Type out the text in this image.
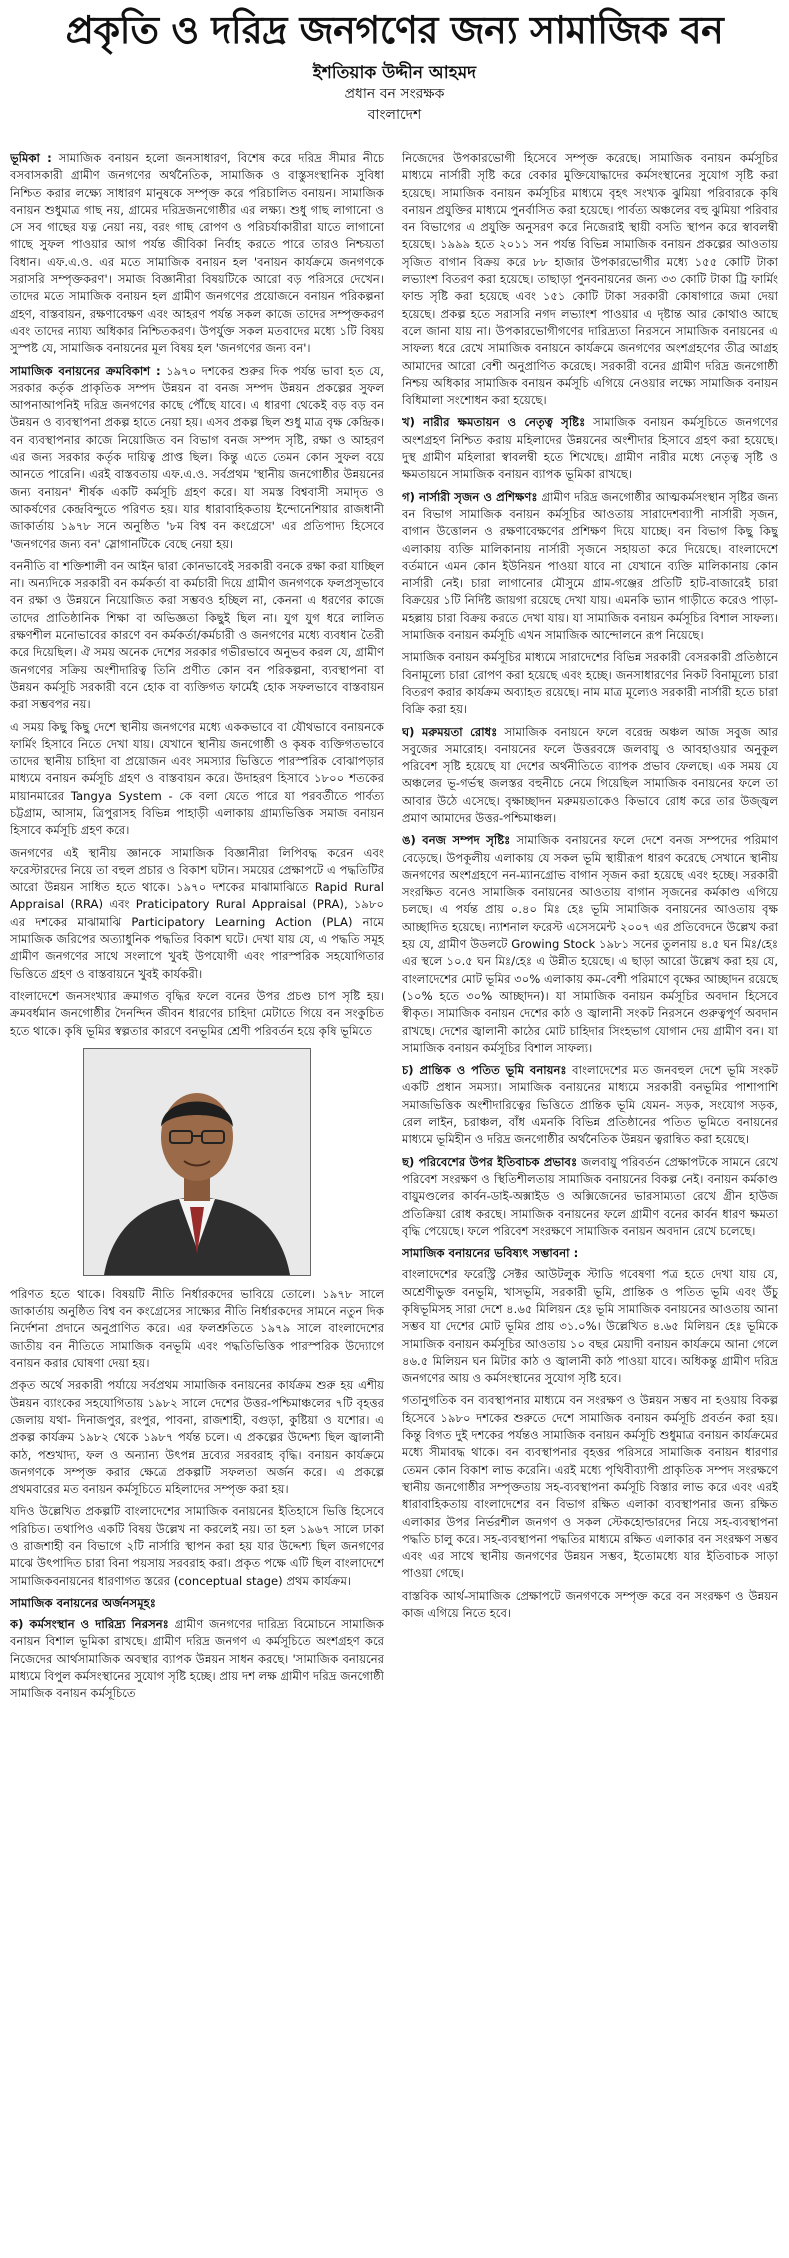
প্রকৃতি ও দরিদ্র জনগণের জন্য সামাজিক বন
ইশতিয়াক উদ্দীন আহমদ
প্রধান বন সংরক্ষক
বাংলাদেশ

ভূমিকা : সামাজিক বনায়ন হলো জনসাধারণ, বিশেষ করে দরিদ্র সীমার নীচে বসবাসকারী গ্রামীণ জনগণের অর্থনৈতিক, সামাজিক ও বাস্তুসংস্থানিক সুবিধা নিশ্চিত করার লক্ষ্যে সাধারণ মানুষকে সম্পৃক্ত করে পরিচালিত বনায়ন। সামাজিক বনায়ন শুধুমাত্র গাছ নয়, গ্রামের দরিদ্রজনগোষ্ঠীর এর লক্ষ্য। শুধু গাছ লাগানো ও সে সব গাছের যত্ন নেয়া নয়, বরং গাছ রোপণ ও পরিচর্যাকারীরা যাতে লাগানো গাছে সুফল পাওয়ার আগ পর্যন্ত জীবিকা নির্বাহ করতে পারে তারও নিশ্চয়তা বিধান। এফ.এ.ও. এর মতে সামাজিক বনায়ন হল 'বনায়ন কার্যক্রমে জনগণকে সরাসরি সম্পৃক্তকরণ'। সমাজ বিজ্ঞানীরা বিষয়টিকে আরো বড় পরিসরে দেখেন। তাদের মতে সামাজিক বনায়ন হল গ্রামীণ জনগণের প্রয়োজনে বনায়ন পরিকল্পনা গ্রহণ, বাস্তবায়ন, রক্ষণাবেক্ষণ এবং আহরণ পর্যন্ত সকল কাজে তাদের সম্পৃক্তকরণ এবং তাদের ন্যায্য অধিকার নিশ্চিতকরণ। উপর্যুক্ত সকল মতবাদের মধ্যে ১টি বিষয় সুস্পষ্ট যে, সামাজিক বনায়নের মূল বিষয় হল 'জনগণের জন্য বন'।

সামাজিক বনায়নের ক্রমবিকাশ : ১৯৭০ দশকের শুরুর দিক পর্যন্ত ভাবা হত যে, সরকার কর্তৃক প্রাকৃতিক সম্পদ উন্নয়ন বা বনজ সম্পদ উন্নয়ন প্রকল্পের সুফল আপনাআপনিই দরিদ্র জনগণের কাছে পৌঁছে যাবে। এ ধারণা থেকেই বড় বড় বন উন্নয়ন ও ব্যবস্থাপনা প্রকল্প হাতে নেয়া হয়। এসব প্রকল্প ছিল শুধু মাত্র বৃক্ষ কেন্দ্রিক। বন ব্যবস্থাপনার কাজে নিয়োজিত বন বিভাগ বনজ সম্পদ সৃষ্টি, রক্ষা ও আহরণ এর জন্য সরকার কর্তৃক দায়িত্ব প্রাপ্ত ছিল। কিন্তু এতে তেমন কোন সুফল বয়ে আনতে পারেনি। এরই বাস্তবতায় এফ.এ.ও. সর্বপ্রথম 'স্থানীয় জনগোষ্ঠীর উন্নয়নের জন্য বনায়ন' শীর্ষক একটি কর্মসূচি গ্রহণ করে। যা সমস্ত বিশ্ববাসী সমাদৃত ও আকর্ষণের কেন্দ্রবিন্দুতে পরিণত হয়। যার ধারাবাহিকতায় ইন্দোনেশিয়ার রাজধানী জাকার্তায় ১৯৭৮ সনে অনুষ্ঠিত '৮ম বিশ্ব বন কংগ্রেসে' এর প্রতিপাদ্য হিসেবে 'জনগণের জন্য বন' স্লোগানটিকে বেছে নেয়া হয়।

বননীতি বা শক্তিশালী বন আইন দ্বারা কোনভাবেই সরকারী বনকে রক্ষা করা যাচ্ছিল না। অন্যদিকে সরকারী বন কর্মকর্তা বা কর্মচারী দিয়ে গ্রামীণ জনগণকে ফলপ্রসূভাবে বন রক্ষা ও উন্নয়নে নিয়োজিত করা সম্ভবও হচ্ছিল না, কেননা এ ধরণের কাজে তাদের প্রাতিষ্ঠানিক শিক্ষা বা অভিজ্ঞতা কিছুই ছিল না। যুগ যুগ ধরে লালিত রক্ষণশীল মনোভাবের কারণে বন কর্মকর্তা/কর্মচারী ও জনগণের মধ্যে ব্যবধান তৈরী করে দিয়েছিল। ঐ সময় অনেক দেশের সরকার গভীরভাবে অনুভব করল যে, গ্রামীণ জনগণের সক্রিয় অংশীদারিত্ব তিনি প্রণীত কোন বন পরিকল্পনা, ব্যবস্থাপনা বা উন্নয়ন কর্মসূচি সরকারী বনে হোক বা ব্যক্তিগত ফার্মেই হোক সফলভাবে বাস্তবায়ন করা সম্ভবপর নয়।

এ সময় কিছু কিছু দেশে স্থানীয় জনগণের মধ্যে এককভাবে বা যৌথভাবে বনায়নকে ফার্মিং হিসাবে নিতে দেখা যায়। যেখানে স্থানীয় জনগোষ্ঠী ও কৃষক ব্যক্তিগতভাবে তাদের স্থানীয় চাহিদা বা প্রয়োজন এবং সমস্যার ভিত্তিতে পারস্পরিক বোঝাপড়ার মাধ্যমে বনায়ন কর্মসূচি গ্রহণ ও বাস্তবায়ন করে। উদাহরণ হিসাবে ১৮০০ শতকের মায়ানমারের Tangya System - কে বলা যেতে পারে যা পরবর্তীতে পার্বত্য চট্টগ্রাম, আসাম, ত্রিপুরাসহ বিভিন্ন পাহাড়ী এলাকায় গ্রাম্যভিত্তিক সমাজ বনায়ন হিসাবে কর্মসূচি গ্রহণ করে।

জনগণের এই স্থানীয় জ্ঞানকে সামাজিক বিজ্ঞানীরা লিপিবদ্ধ করেন এবং ফরেস্টারদের নিয়ে তা বহুল প্রচার ও বিকাশ ঘটান। সময়ের প্রেক্ষাপটে এ পদ্ধতিটির আরো উন্নয়ন সাধিত হতে থাকে। ১৯৭০ দশকের মাঝামাঝিতে Rapid Rural Appraisal (RRA) এবং Praticipatory Rural Appraisal (PRA), ১৯৮০ এর দশকের মাঝামাঝি Participatory Learning Action (PLA) নামে সামাজিক জরিপের অত্যাধুনিক পদ্ধতির বিকাশ ঘটে। দেখা যায় যে, এ পদ্ধতি সমূহ গ্রামীণ জনগণের সাথে সংলাপে খুবই উপযোগী এবং পারস্পরিক সহযোগিতার ভিত্তিতে গ্রহণ ও বাস্তবায়নে খুবই কার্যকরী।

বাংলাদেশে জনসংখ্যার ক্রমাগত বৃদ্ধির ফলে বনের উপর প্রচণ্ড চাপ সৃষ্টি হয়। ক্রমবর্ধমান জনগোষ্ঠীর দৈনন্দিন জীবন ধারণের চাহিদা মেটাতে গিয়ে বন সংকুচিত হতে থাকে। কৃষি ভূমির স্বল্পতার কারণে বনভূমির শ্রেণী পরিবর্তন হয়ে কৃষি ভূমিতে

পরিণত হতে থাকে। বিষয়টি নীতি নির্ধারকদের ভাবিয়ে তোলে। ১৯৭৮ সালে জাকার্তায় অনুষ্ঠিত বিশ্ব বন কংগ্রেসের সাক্ষ্যের নীতি নির্ধারকদের সামনে নতুন দিক নির্দেশনা প্রদানে অনুপ্রাণিত করে। এর ফলশ্রুতিতে ১৯৭৯ সালে বাংলাদেশের জাতীয় বন নীতিতে সামাজিক বনভূমি এবং পদ্ধতিভিত্তিক পারস্পরিক উদ্যোগে বনায়ন করার ঘোষণা দেয়া হয়।

প্রকৃত অর্থে সরকারী পর্যায়ে সর্বপ্রথম সামাজিক বনায়নের কার্যক্রম শুরু হয় এশীয় উন্নয়ন ব্যাংকের সহযোগিতায় ১৯৮২ সালে দেশের উত্তর-পশ্চিমাঞ্চলের ৭টি বৃহত্তর জেলায় যথা- দিনাজপুর, রংপুর, পাবনা, রাজশাহী, বগুড়া, কুষ্টিয়া ও যশোর। এ প্রকল্প কার্যক্রম ১৯৮২ থেকে ১৯৮৭ পর্যন্ত চলে। এ প্রকল্পের উদ্দেশ্য ছিল জ্বালানী কাঠ, পশুখাদ্য, ফল ও অন্যান্য উৎপন্ন দ্রব্যের সরবরাহ বৃদ্ধি। বনায়ন কার্যক্রমে জনগণকে সম্পৃক্ত করার ক্ষেত্রে প্রকল্পটি সফলতা অর্জন করে। এ প্রকল্পে প্রথমবারের মত বনায়ন কর্মসূচিতে মহিলাদের সম্পৃক্ত করা হয়।

যদিও উল্লেখিত প্রকল্পটি বাংলাদেশের সামাজিক বনায়নের ইতিহাসে ভিত্তি হিসেবে পরিচিত। তথাপিও একটি বিষয় উল্লেখ না করলেই নয়। তা হল ১৯৬৭ সালে ঢাকা ও রাজশাহী বন বিভাগে ২টি নার্সারি স্থাপন করা হয় যার উদ্দেশ্য ছিল জনগণের মাঝে উৎপাদিত চারা বিনা পয়সায় সরবরাহ করা। প্রকৃত পক্ষে এটি ছিল বাংলাদেশে সামাজিকবনায়নের ধারণাগত স্তরের (conceptual stage) প্রথম কার্যক্রম।

সামাজিক বনায়নের অর্জনসমূহঃ

ক) কর্মসংস্থান ও দারিদ্র্য নিরসনঃ গ্রামীণ জনগণের দারিদ্র্য বিমোচনে সামাজিক বনায়ন বিশাল ভূমিকা রাখছে। গ্রামীণ দরিদ্র জনগণ এ কর্মসূচিতে অংশগ্রহণ করে নিজেদের আর্থসামাজিক অবস্থার ব্যাপক উন্নয়ন সাধন করছে। 'সামাজিক বনায়নের মাধ্যমে বিপুল কর্মসংস্থানের সুযোগ সৃষ্টি হচ্ছে। প্রায় দশ লক্ষ গ্রামীণ দরিদ্র জনগোষ্ঠী সামাজিক বনায়ন কর্মসূচিতে

নিজেদের উপকারভোগী হিসেবে সম্পৃক্ত করেছে। সামাজিক বনায়ন কর্মসূচির মাধ্যমে নার্সারী সৃষ্টি করে বেকার মুক্তিযোদ্ধাদের কর্মসংস্থানের সুযোগ সৃষ্টি করা হয়েছে। সামাজিক বনায়ন কর্মসূচির মাধ্যমে বৃহৎ সংখ্যক ঝুমিয়া পরিবারকে কৃষি বনায়ন প্রযুক্তির মাধ্যমে পুনর্বাসিত করা হয়েছে। পার্বত্য অঞ্চলের বহু ঝুমিয়া পরিবার বন বিভাগের এ প্রযুক্তি অনুসরণ করে নিজেরাই স্থায়ী বসতি স্থাপন করে স্বাবলম্বী হয়েছে। ১৯৯৯ হতে ২০১১ সন পর্যন্ত বিভিন্ন সামাজিক বনায়ন প্রকল্পের আওতায় সৃজিত বাগান বিক্রয় করে ৮৮ হাজার উপকারভোগীর মধ্যে ১৫৫ কোটি টাকা লভ্যাংশ বিতরণ করা হয়েছে। তাছাড়া পুনবনায়নের জন্য ৩৩ কোটি টাকা ট্রি ফার্মিং ফান্ড সৃষ্টি করা হয়েছে এবং ১৫১ কোটি টাকা সরকারী কোষাগারে জমা দেয়া হয়েছে। প্রকল্প হতে সরাসরি নগদ লভ্যাংশ পাওয়ার এ দৃষ্টান্ত আর কোথাও আছে বলে জানা যায় না। উপকারভোগীগণের দারিদ্র্যতা নিরসনে সামাজিক বনায়নের এ সাফল্য ধরে রেখে সামাজিক বনায়নে কার্যক্রমে জনগণের অংশগ্রহণের তীব্র আগ্রহ আমাদের আরো বেশী অনুপ্রাণিত করেছে। সরকারী বনের গ্রামীণ দরিদ্র জনগোষ্ঠী নিশ্চয় অধিকার সামাজিক বনায়ন কর্মসূচি এগিয়ে নেওয়ার লক্ষ্যে সামাজিক বনায়ন বিধিমালা সংশোধন করা হয়েছে।

খ) নারীর ক্ষমতায়ন ও নেতৃত্ব সৃষ্টিঃ সামাজিক বনায়ন কর্মসূচিতে জনগণের অংশগ্রহণ নিশ্চিত করায় মহিলাদের উন্নয়নের অংশীদার হিসাবে গ্রহণ করা হয়েছে। দুস্থ গ্রামীণ মহিলারা স্বাবলম্বী হতে শিখেছে। গ্রামীণ নারীর মধ্যে নেতৃত্ব সৃষ্টি ও ক্ষমতায়নে সামাজিক বনায়ন ব্যাপক ভূমিকা রাখছে।

গ) নার্সারী সৃজন ও প্রশিক্ষণঃ গ্রামীণ দরিদ্র জনগোষ্ঠীর আত্মকর্মসংস্থান সৃষ্টির জন্য বন বিভাগ সামাজিক বনায়ন কর্মসূচির আওতায় সারাদেশব্যাপী নার্সারী সৃজন, বাগান উত্তোলন ও রক্ষণাবেক্ষণের প্রশিক্ষণ দিয়ে যাচ্ছে। বন বিভাগ কিছু কিছু এলাকায় ব্যক্তি মালিকানায় নার্সারী সৃজনে সহায়তা করে দিয়েছে। বাংলাদেশে বর্তমানে এমন কোন ইউনিয়ন পাওয়া যাবে না যেখানে ব্যক্তি মালিকানায় কোন নার্সারী নেই। চারা লাগানোর মৌসুমে গ্রাম-গঞ্জের প্রতিটি হাট-বাজারেই চারা বিক্রয়ের ১টি নির্দিষ্ট জায়গা রয়েছে দেখা যায়। এমনকি ভ্যান গাড়ীতে করেও পাড়া-মহল্লায় চারা বিক্রয় করতে দেখা যায়। যা সামাজিক বনায়ন কর্মসূচির বিশাল সাফল্য। সামাজিক বনায়ন কর্মসূচি এখন সামাজিক আন্দোলনে রূপ নিয়েছে।

সামাজিক বনায়ন কর্মসূচির মাধ্যমে সারাদেশের বিভিন্ন সরকারী বেসরকারী প্রতিষ্ঠানে বিনামূল্যে চারা রোপণ করা হয়েছে এবং হচ্ছে। জনসাধারণের নিকট বিনামূল্যে চারা বিতরণ করার কার্যক্রম অব্যাহত রয়েছে। নাম মাত্র মূল্যেও সরকারী নার্সারী হতে চারা বিক্রি করা হয়।

ঘ) মরুময়তা রোধঃ সামাজিক বনায়নে ফলে বরেন্দ্র অঞ্চল আজ সবুজ আর সবুজের সমারোহ। বনায়নের ফলে উত্তরবঙ্গে জলবায়ু ও আবহাওয়ার অনুকূল পরিবেশ সৃষ্টি হয়েছে যা দেশের অর্থনীতিতে ব্যাপক প্রভাব ফেলছে। এক সময় যে অঞ্চলের ভূ-গর্ভস্থ জলস্তর বহুনীচে নেমে গিয়েছিল সামাজিক বনায়নের ফলে তা আবার উঠে এসেছে। বৃক্ষাচ্ছাদন মরুময়তাকেও কিভাবে রোধ করে তার উজ্জ্বল প্রমাণ আমাদের উত্তর-পশ্চিমাঞ্চল।

ঙ) বনজ সম্পদ সৃষ্টিঃ সামাজিক বনায়নের ফলে দেশে বনজ সম্পদের পরিমাণ বেড়েছে। উপকূলীয় এলাকায় যে সকল ভূমি স্থায়ীরূপ ধারণ করেছে সেখানে স্থানীয় জনগণের অংশগ্রহণে নন-ম্যানগ্রোভ বাগান সৃজন করা হয়েছে এবং হচ্ছে। সরকারী সংরক্ষিত বনেও সামাজিক বনায়নের আওতায় বাগান সৃজনের কর্মকাণ্ড এগিয়ে চলছে। এ পর্যন্ত প্রায় ০.৪০ মিঃ হেঃ ভূমি সামাজিক বনায়নের আওতায় বৃক্ষ আচ্ছাদিত হয়েছে। ন্যাশনাল ফরেস্ট এসেসমেন্ট ২০০৭ এর প্রতিবেদনে উল্লেখ করা হয় যে, গ্রামীণ উডলটে Growing Stock ১৯৮১ সনের তুলনায় ৪.৫ ঘন মিঃ/হেঃ এর স্থলে ১০.৫ ঘন মিঃ/হেঃ এ উন্নীত হয়েছে। এ ছাড়া আরো উল্লেখ করা হয় যে, বাংলাদেশের মোট ভূমির ৩০% এলাকায় কম-বেশী পরিমাণে বৃক্ষের আচ্ছাদন রয়েছে (১০% হতে ৩০% আচ্ছাদন)। যা সামাজিক বনায়ন কর্মসূচির অবদান হিসেবে স্বীকৃত। সামাজিক বনায়ন দেশের কাঠ ও জ্বালানী সংকট নিরসনে গুরুত্বপূর্ণ অবদান রাখছে। দেশের জ্বালানী কাঠের মোট চাহিদার সিংহভাগ যোগান দেয় গ্রামীণ বন। যা সামাজিক বনায়ন কর্মসূচির বিশাল সাফল্য।

চ) প্রান্তিক ও পতিত ভূমি বনায়নঃ বাংলাদেশের মত জনবহুল দেশে ভূমি সংকট একটি প্রধান সমস্যা। সামাজিক বনায়নের মাধ্যমে সরকারী বনভূমির পাশাপাশি সমাজভিত্তিক অংশীদারিত্বের ভিত্তিতে প্রান্তিক ভূমি যেমন- সড়ক, সংযোগ সড়ক, রেল লাইন, চরাঞ্চল, বাঁধ এমনকি বিভিন্ন প্রতিষ্ঠানের পতিত ভূমিতে বনায়নের মাধ্যমে ভূমিহীন ও দরিদ্র জনগোষ্ঠীর অর্থনৈতিক উন্নয়ন ত্বরান্বিত করা হয়েছে।

ছ) পরিবেশের উপর ইতিবাচক প্রভাবঃ জলবায়ু পরিবর্তন প্রেক্ষাপটকে সামনে রেখে পরিবেশ সংরক্ষণ ও স্থিতিশীলতায় সামাজিক বনায়নের বিকল্প নেই। বনায়ন কর্মকাণ্ড বায়ুমণ্ডলের কার্বন-ডাই-অক্সাইড ও অক্সিজেনের ভারসাম্যতা রেখে গ্রীন হাউজ প্রতিক্রিয়া রোধ করছে। সামাজিক বনায়নের ফলে গ্রামীণ বনের কার্বন ধারণ ক্ষমতা বৃদ্ধি পেয়েছে। ফলে পরিবেশ সংরক্ষণে সামাজিক বনায়ন অবদান রেখে চলেছে।

সামাজিক বনায়নের ভবিষ্যৎ সম্ভাবনা :

বাংলাদেশের ফরেস্ট্রি সেক্টর আউটলুক স্টাডি গবেষণা পত্র হতে দেখা যায় যে, অশ্রেণীভুক্ত বনভূমি, খাসভূমি, সরকারী ভূমি, প্রান্তিক ও পতিত ভূমি এবং উঁচু কৃষিভূমিসহ সারা দেশে ৪.৬৫ মিলিয়ন হেঃ ভূমি সামাজিক বনায়নের আওতায় আনা সম্ভব যা দেশের মোট ভূমির প্রায় ৩১.০%। উল্লেখিত ৪.৬৫ মিলিয়ন হেঃ ভূমিকে সামাজিক বনায়ন কর্মসূচির আওতায় ১০ বছর মেয়াদী বনায়ন কার্যক্রমে আনা গেলে ৪৬.৫ মিলিয়ন ঘন মিটার কাঠ ও জ্বালানী কাঠ পাওয়া যাবে। অধিকন্তু গ্রামীণ দরিদ্র জনগণের আয় ও কর্মসংস্থানের সুযোগ সৃষ্টি হবে।

গতানুগতিক বন ব্যবস্থাপনার মাধ্যমে বন সংরক্ষণ ও উন্নয়ন সম্ভব না হওয়ায় বিকল্প হিসেবে ১৯৮০ দশকের শুরুতে দেশে সামাজিক বনায়ন কর্মসূচি প্রবর্তন করা হয়। কিন্তু বিগত দুই দশকের পর্যন্তও সামাজিক বনায়ন কর্মসূচি শুধুমাত্র বনায়ন কার্যক্রমের মধ্যে সীমাবদ্ধ থাকে। বন ব্যবস্থাপনার বৃহত্তর পরিসরে সামাজিক বনায়ন ধারণার তেমন কোন বিকাশ লাভ করেনি। এরই মধ্যে পৃথিবীব্যাপী প্রাকৃতিক সম্পদ সংরক্ষণে স্থানীয় জনগোষ্ঠীর সম্পৃক্ততায় সহ-ব্যবস্থাপনা কর্মসূচি বিস্তার লাভ করে এবং এরই ধারাবাহিকতায় বাংলাদেশের বন বিভাগ রক্ষিত এলাকা ব্যবস্থাপনার জন্য রক্ষিত এলাকার উপর নির্ভরশীল জনগণ ও সকল স্টেকহোল্ডারদের নিয়ে সহ-ব্যবস্থাপনা পদ্ধতি চালু করে। সহ-ব্যবস্থাপনা পদ্ধতির মাধ্যমে রক্ষিত এলাকার বন সংরক্ষণ সম্ভব এবং এর সাথে স্থানীয় জনগণের উন্নয়ন সম্ভব, ইতোমধ্যে যার ইতিবাচক সাড়া পাওয়া গেছে।

বাস্তবিক আর্থ-সামাজিক প্রেক্ষাপটে জনগণকে সম্পৃক্ত করে বন সংরক্ষণ ও উন্নয়ন কাজ এগিয়ে নিতে হবে।
